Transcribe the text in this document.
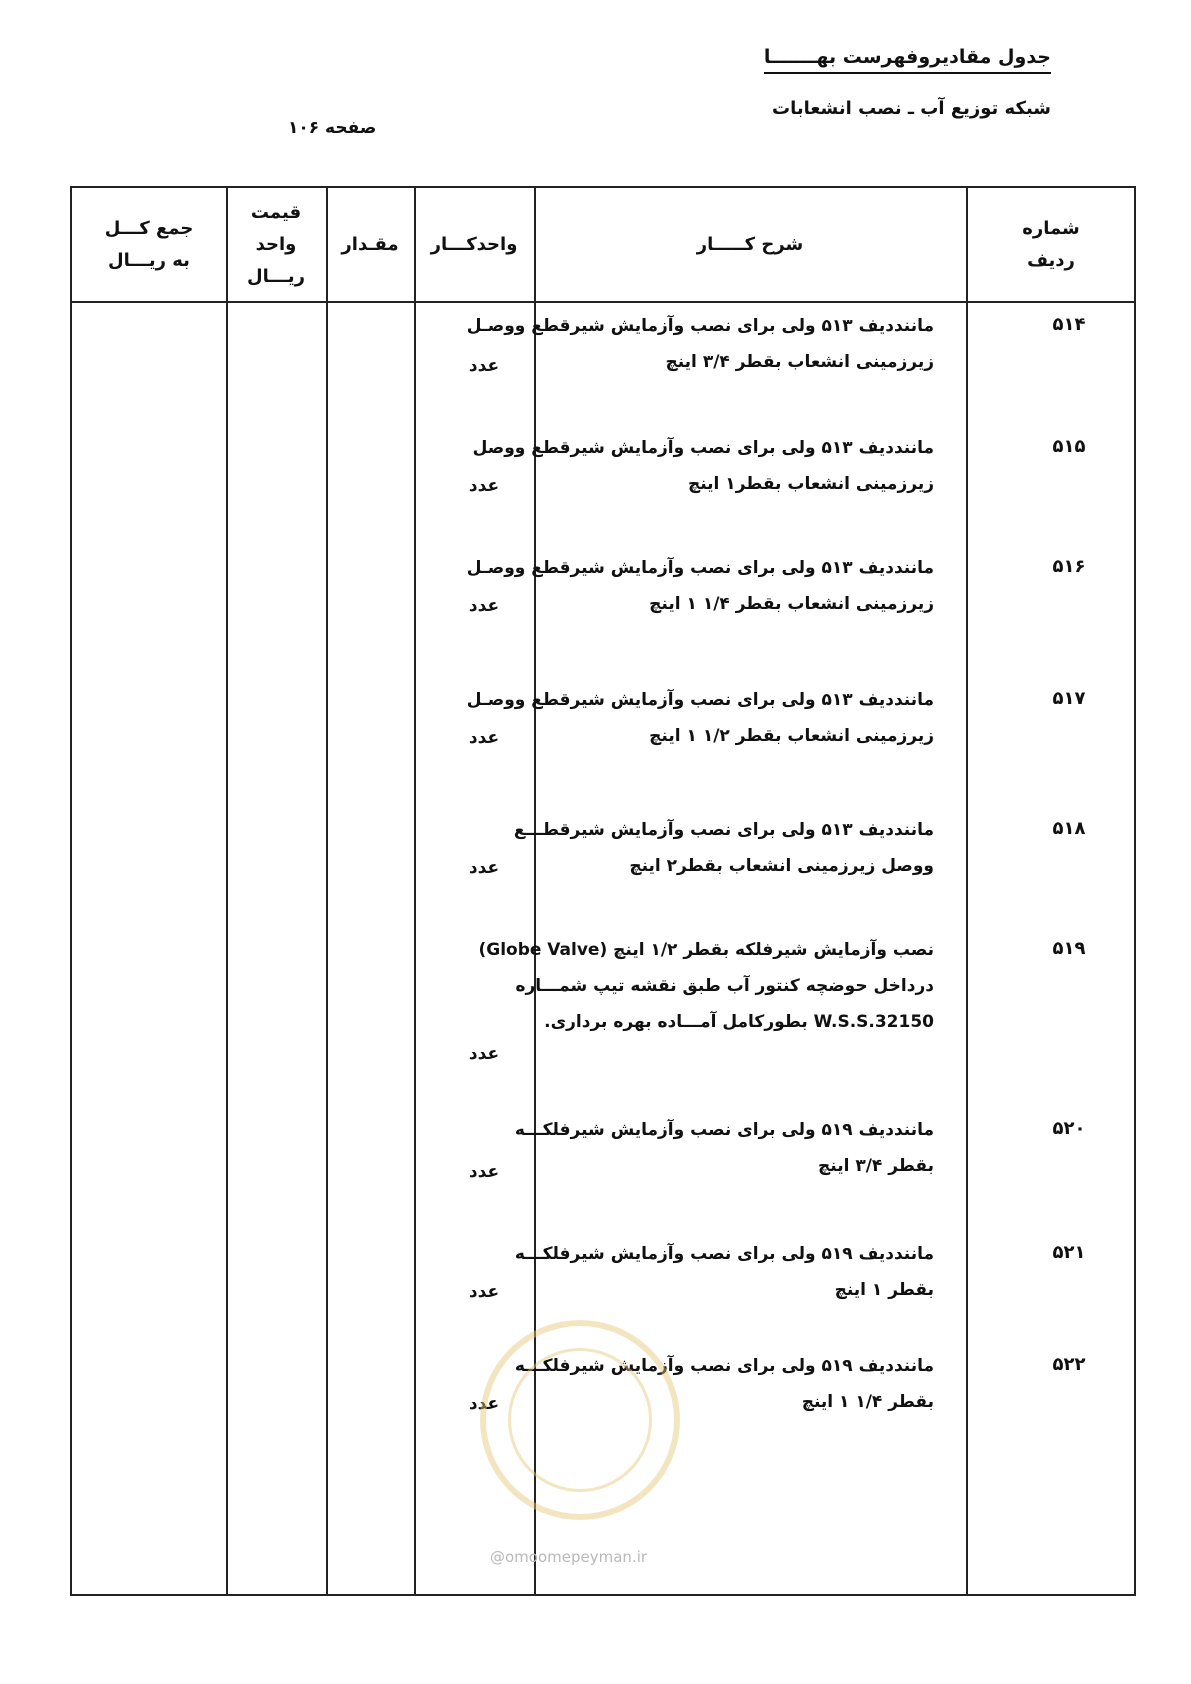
جدول مقادیروفهرست بهـــــــا
شبکه توزیع آب ـ نصب انشعابات
صفحه ۱۰۶
جمع کـــل به ریـــال
قیمت واحد ریـــال
مقـدار واحدکـــار	شرح کـــــار
شماره ردیف
۵۱۴
ماننددیف ۵۱۳ ولی برای نصب وآزمایش شیرقطع ووصـل زیرزمینی انشعاب بقطر ۳/۴ اینچ
عدد
۵۱۵
ماننددیف ۵۱۳ ولی برای نصب وآزمایش شیرقطع ووصل زیرزمینی انشعاب بقطر۱ اینچ
عدد
۵۱۶
ماننددیف ۵۱۳ ولی برای نصب وآزمایش شیرقطع ووصـل زیرزمینی انشعاب بقطر ۱/۴ ۱ اینچ
عدد
۵۱۷
ماننددیف ۵۱۳ ولی برای نصب وآزمایش شیرقطع ووصـل زیرزمینی انشعاب بقطر ۱/۲ ۱ اینچ
عدد
۵۱۸
ماننددیف ۵۱۳ ولی برای نصب وآزمایش شیرقطـــع ووصل زیرزمینی انشعاب بقطر۲ اینچ
عدد
۵۱۹
نصب وآزمایش شیرفلکه بقطر ۱/۲ اینچ (Globe Valve) درداخل حوضچه کنتور آب طبق نقشه تیپ شمـــاره W.S.S.32150 بطورکامل آمـــاده بهره برداری.
عدد
۵۲۰
ماننددیف ۵۱۹ ولی برای نصب وآزمایش شیرفلکـــه بقطر ۳/۴ اینچ
عدد
۵۲۱
ماننددیف ۵۱۹ ولی برای نصب وآزمایش شیرفلکـــه بقطر ۱ اینچ
عدد
۵۲۲
ماننددیف ۵۱۹ ولی برای نصب وآزمایش شیرفلکـــه بقطر ۱/۴ ۱ اینچ
عدد
@omoomepeyman.ir
